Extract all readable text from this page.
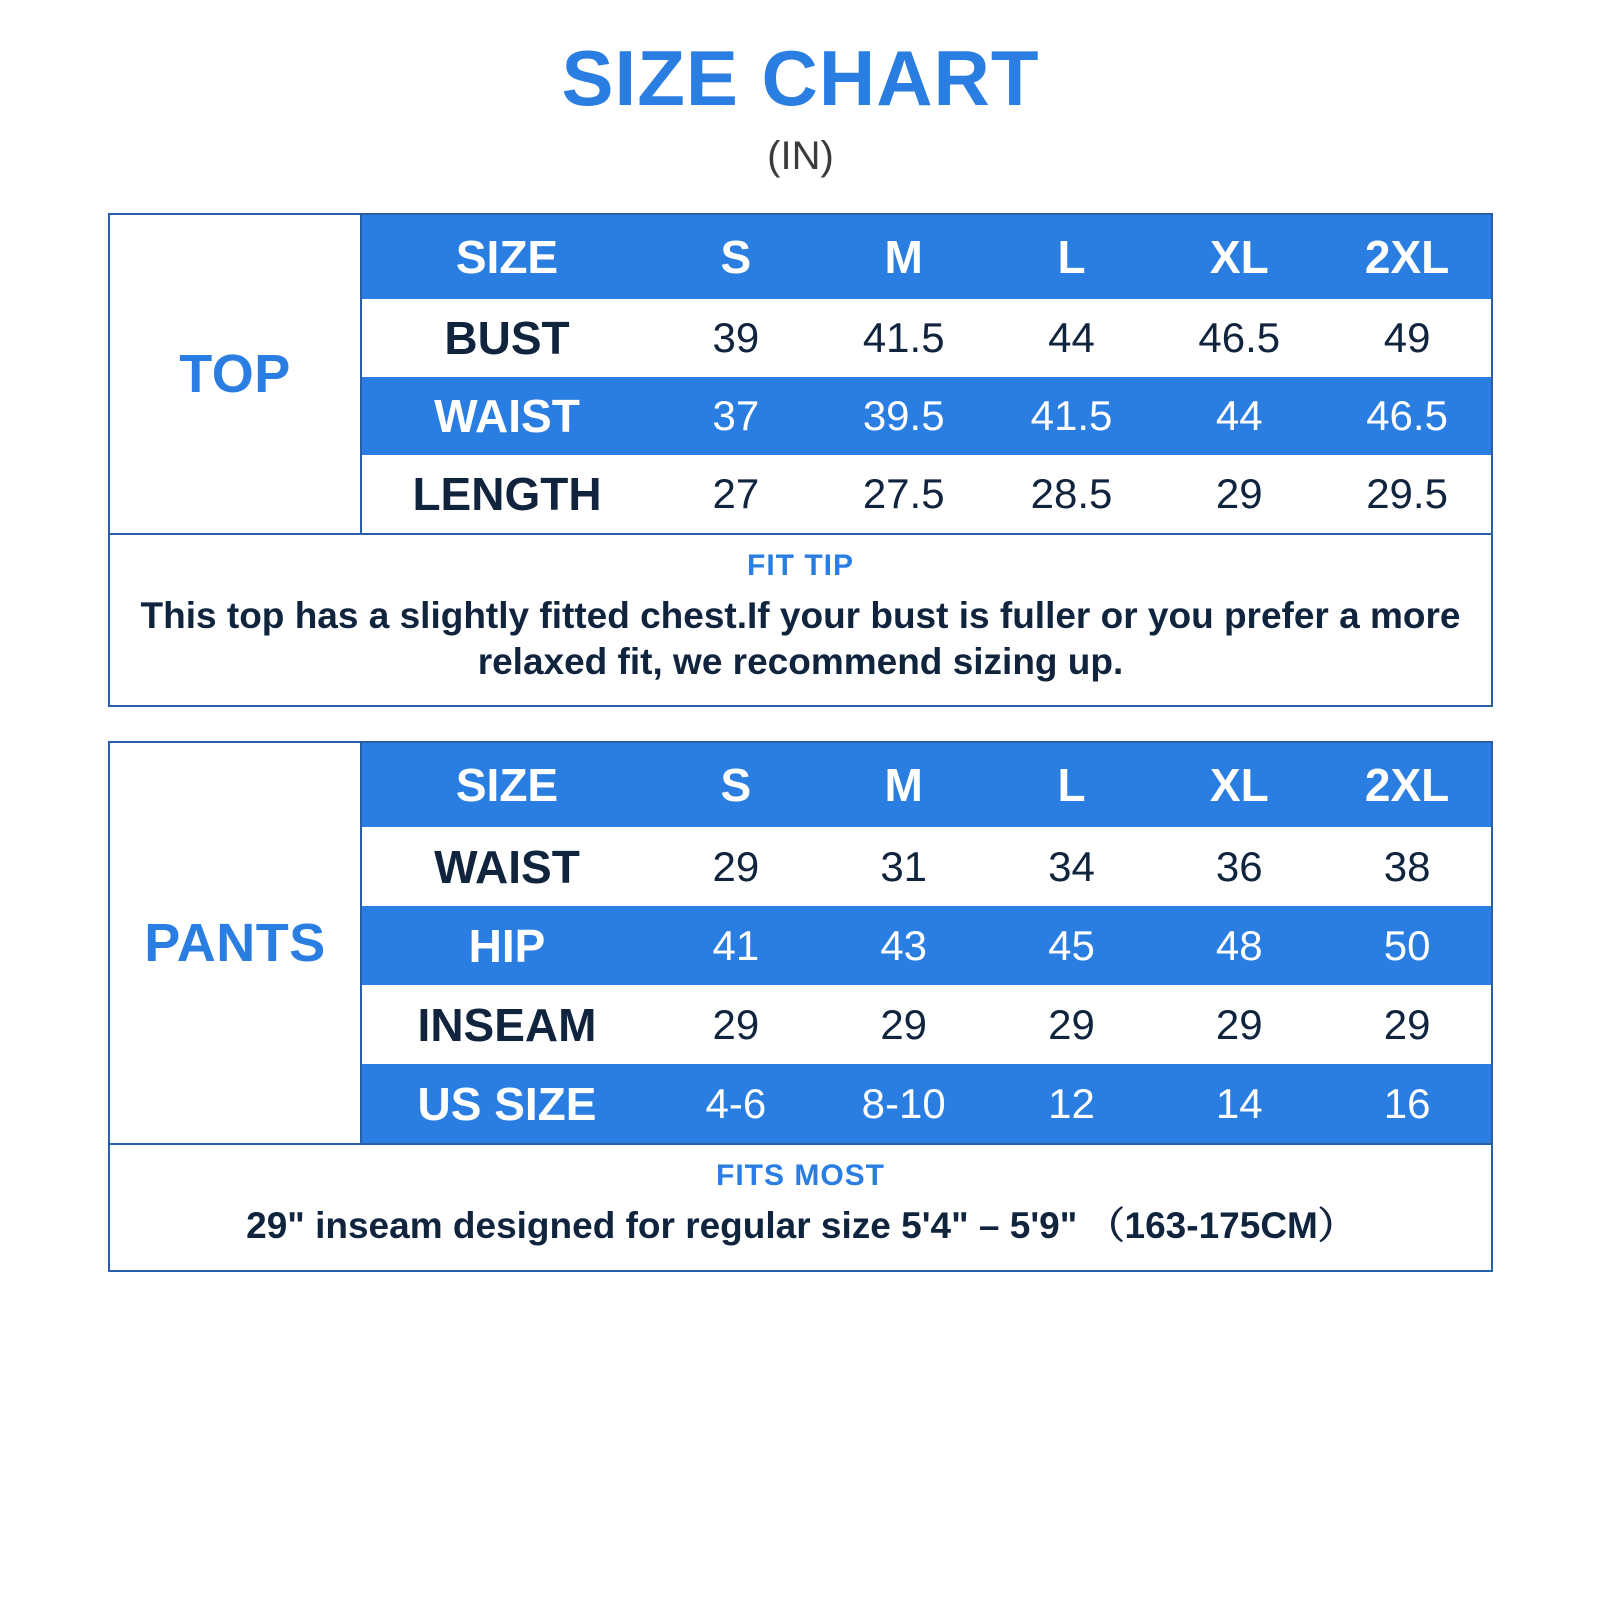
SIZE CHART
(IN)
TOP
SIZE	S	M	L	XL	2XL
BUST	39	41.5	44	46.5	49
WAIST	37	39.5	41.5	44	46.5
LENGTH	27	27.5	28.5	29	29.5
FIT TIP
This top has a slightly fitted chest.If your bust is fuller or you prefer a more relaxed fit, we recommend sizing up.
PANTS
SIZE	S	M	L	XL	2XL
WAIST	29	31	34	36	38
HIP	41	43	45	48	50
INSEAM	29	29	29	29	29
US SIZE	4-6	8-10	12	14	16
FITS MOST
29" inseam designed for regular size 5'4" – 5'9" （163-175CM）
